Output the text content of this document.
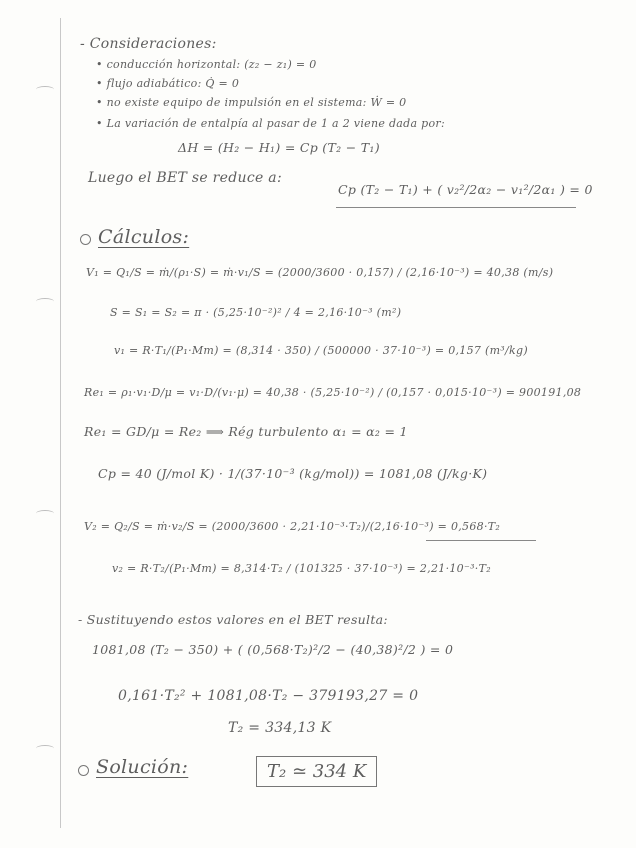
- Consideraciones:
• conducción horizontal: (z₂ − z₁) = 0
• flujo adiabático: Q̇ = 0
• no existe equipo de impulsión en el sistema: Ẇ = 0
• La variación de entalpía al pasar de 1 a 2 viene dada por:
ΔH = (H₂ − H₁) = Cp (T₂ − T₁)
Luego el BET se reduce a:
Cp (T₂ − T₁) + ( v₂²/2α₂ − v₁²/2α₁ ) = 0
Cálculos:
V₁ = Q₁/S = ṁ/(ρ₁·S) = ṁ·v₁/S = (2000/3600 · 0,157) / (2,16·10⁻³) = 40,38 (m/s)
S = S₁ = S₂ = π · (5,25·10⁻²)² / 4 = 2,16·10⁻³ (m²)
v₁ = R·T₁/(P₁·Mm) = (8,314 · 350) / (500000 · 37·10⁻³) = 0,157 (m³/kg)
Re₁ = ρ₁·v₁·D/μ = v₁·D/(v₁·μ) = 40,38 · (5,25·10⁻²) / (0,157 · 0,015·10⁻³) = 900191,08
Re₁ = GD/μ = Re₂ ⟹ Rég turbulento α₁ = α₂ = 1
Cp = 40 (J/mol K) · 1/(37·10⁻³ (kg/mol)) = 1081,08 (J/kg·K)
V₂ = Q₂/S = ṁ·v₂/S = (2000/3600 · 2,21·10⁻³·T₂)/(2,16·10⁻³) = 0,568·T₂
v₂ = R·T₂/(P₁·Mm) = 8,314·T₂ / (101325 · 37·10⁻³) = 2,21·10⁻³·T₂
- Sustituyendo estos valores en el BET resulta:
1081,08 (T₂ − 350) + ( (0,568·T₂)²/2 − (40,38)²/2 ) = 0
0,161·T₂² + 1081,08·T₂ − 379193,27 = 0
T₂ = 334,13 K
Solución:	T₂ ≃ 334 K
